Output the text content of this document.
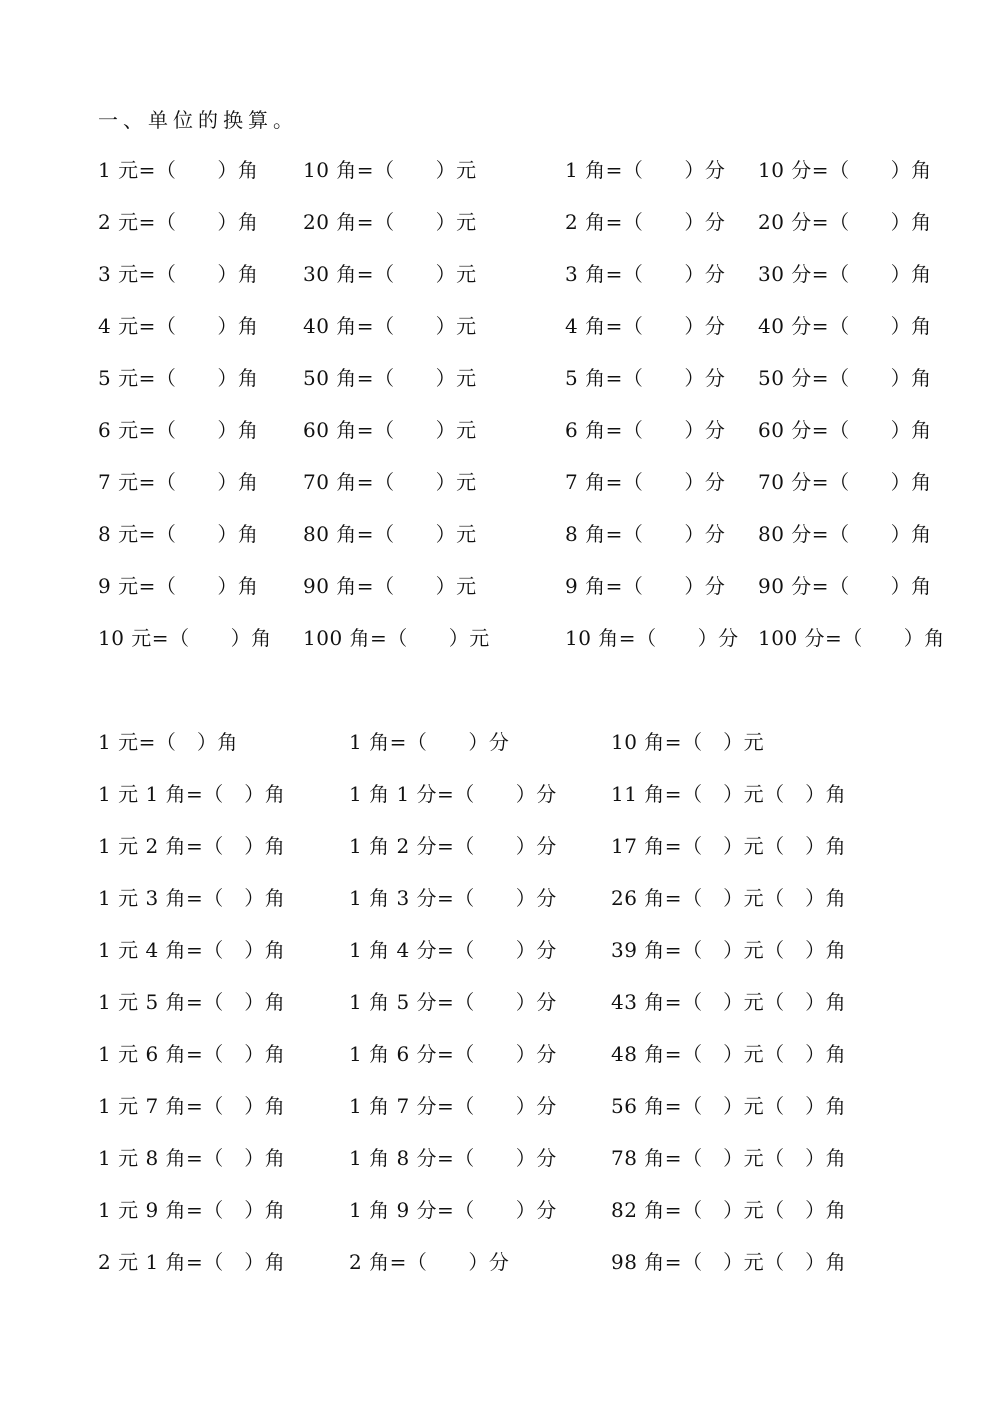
一、单位的换算。
1 元=（　　）角 10 角=（　　）元	1 角=（　　）分 10 分=（　　）角
2 元=（　　）角 20 角=（　　）元	2 角=（　　）分 20 分=（　　）角
3 元=（　　）角 30 角=（　　）元	3 角=（　　）分 30 分=（　　）角
4 元=（　　）角 40 角=（　　）元	4 角=（　　）分 40 分=（　　）角
5 元=（　　）角 50 角=（　　）元	5 角=（　　）分 50 分=（　　）角
6 元=（　　）角 60 角=（　　）元	6 角=（　　）分 60 分=（　　）角
7 元=（　　）角 70 角=（　　）元	7 角=（　　）分 70 分=（　　）角
8 元=（　　）角 80 角=（　　）元	8 角=（　　）分 80 分=（　　）角
9 元=（　　）角 90 角=（　　）元	9 角=（　　）分 90 分=（　　）角
10 元=（　　）角 100 角=（　　）元	10 角=（　　）分 100 分=（　　）角
1 元=（　）角	1 角=（　　）分	10 角=（　）元
1 元 1 角=（　）角	1 角 1 分=（　　）分	11 角=（　）元（　）角
1 元 2 角=（　）角	1 角 2 分=（　　）分	17 角=（　）元（　）角
1 元 3 角=（　）角	1 角 3 分=（　　）分	26 角=（　）元（　）角
1 元 4 角=（　）角	1 角 4 分=（　　）分	39 角=（　）元（　）角
1 元 5 角=（　）角	1 角 5 分=（　　）分	43 角=（　）元（　）角
1 元 6 角=（　）角	1 角 6 分=（　　）分	48 角=（　）元（　）角
1 元 7 角=（　）角	1 角 7 分=（　　）分	56 角=（　）元（　）角
1 元 8 角=（　）角	1 角 8 分=（　　）分	78 角=（　）元（　）角
1 元 9 角=（　）角	1 角 9 分=（　　）分	82 角=（　）元（　）角
2 元 1 角=（　）角	2 角=（　　）分	98 角=（　）元（　）角
